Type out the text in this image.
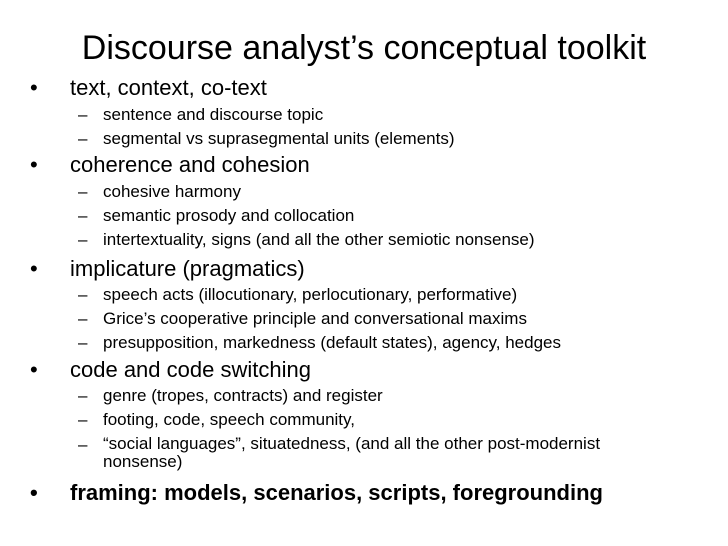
Discourse analyst’s conceptual toolkit
•	text, context, co-text
– sentence and discourse topic
– segmental vs suprasegmental units (elements)
•	coherence and cohesion
– cohesive harmony
– semantic prosody and collocation
– intertextuality, signs (and all the other semiotic nonsense)
•	implicature (pragmatics)
– speech acts (illocutionary, perlocutionary, performative)
– Grice’s cooperative principle and conversational maxims
– presupposition, markedness (default states), agency, hedges
•	code and code switching
– genre (tropes, contracts) and register
– footing, code, speech community,
– “social languages”, situatedness, (and all the other post-modernist nonsense)
•	framing: models, scenarios, scripts, foregrounding
